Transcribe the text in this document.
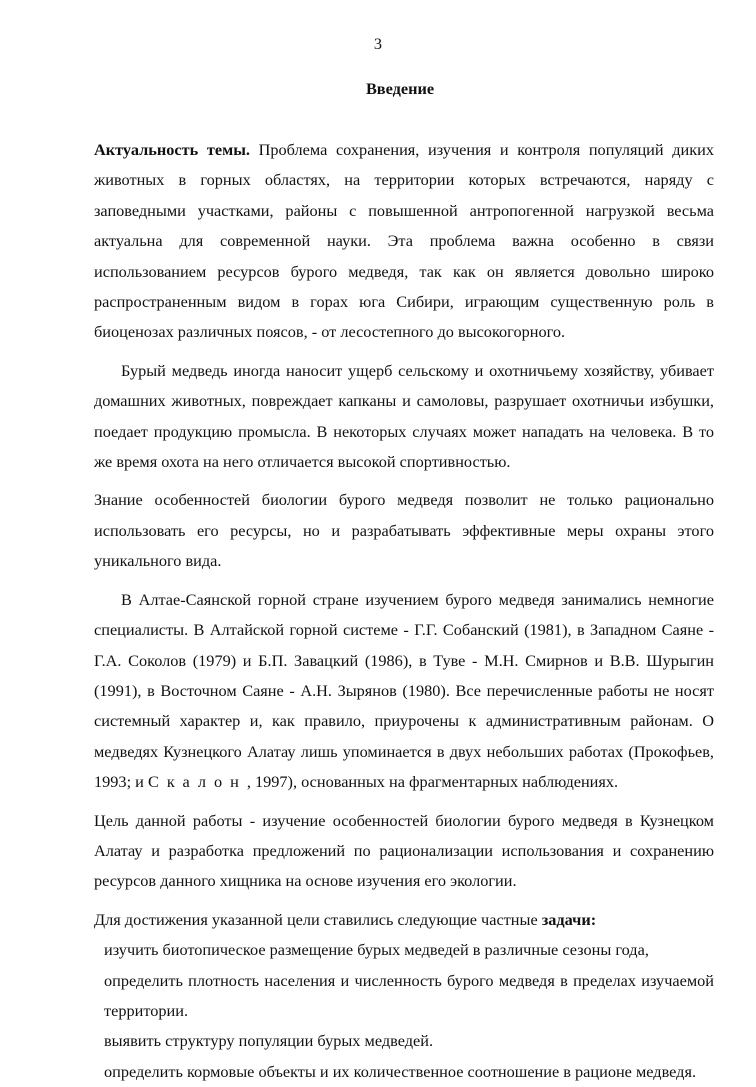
3
Введение

Актуальность темы. Проблема сохранения, изучения и контроля популяций диких животных в горных областях, на территории которых встречаются, наряду с заповедными участками, районы с повышенной антропогенной нагрузкой весьма актуальна для современной науки. Эта проблема важна особенно в связи использованием ресурсов бурого медведя, так как он является довольно широко распространенным видом в горах юга Сибири, играющим существенную роль в биоценозах различных поясов, - от лесостепного до высокогорного.

Бурый медведь иногда наносит ущерб сельскому и охотничьему хозяйству, убивает домашних животных, повреждает капканы и самоловы, разрушает охотничьи избушки, поедает продукцию промысла. В некоторых случаях может нападать на человека. В то же время охота на него отличается высокой спортивностью.

Знание особенностей биологии бурого медведя позволит не только рационально использовать его ресурсы, но и разрабатывать эффективные меры охраны этого уникального вида.

В Алтае-Саянской горной стране изучением бурого медведя занимались немногие специалисты. В Алтайской горной системе - Г.Г. Собанский (1981), в Западном Саяне - Г.А. Соколов (1979) и Б.П. Завацкий (1986), в Туве - М.Н. Смирнов и В.В. Шурыгин (1991), в Восточном Саяне - А.Н. Зырянов (1980). Все перечисленные работы не носят системный характер и, как правило, приурочены к административным районам. О медведях Кузнецкого Алатау лишь упоминается в двух небольших работах (Прокофьев, 1993; и Скалон, 1997), основанных на фрагментарных наблюдениях.

Цель данной работы - изучение особенностей биологии бурого медведя в Кузнецком Алатау и разработка предложений по рационализации использования и сохранению ресурсов данного хищника на основе изучения его экологии.

Для достижения указанной цели ставились следующие частные задачи:

изучить биотопическое размещение бурых медведей в различные сезоны года,

определить плотность населения и численность бурого медведя в пределах изучаемой территории.

выявить структуру популяции бурых медведей.

определить кормовые объекты и их количественное соотношение в рационе медведя.
